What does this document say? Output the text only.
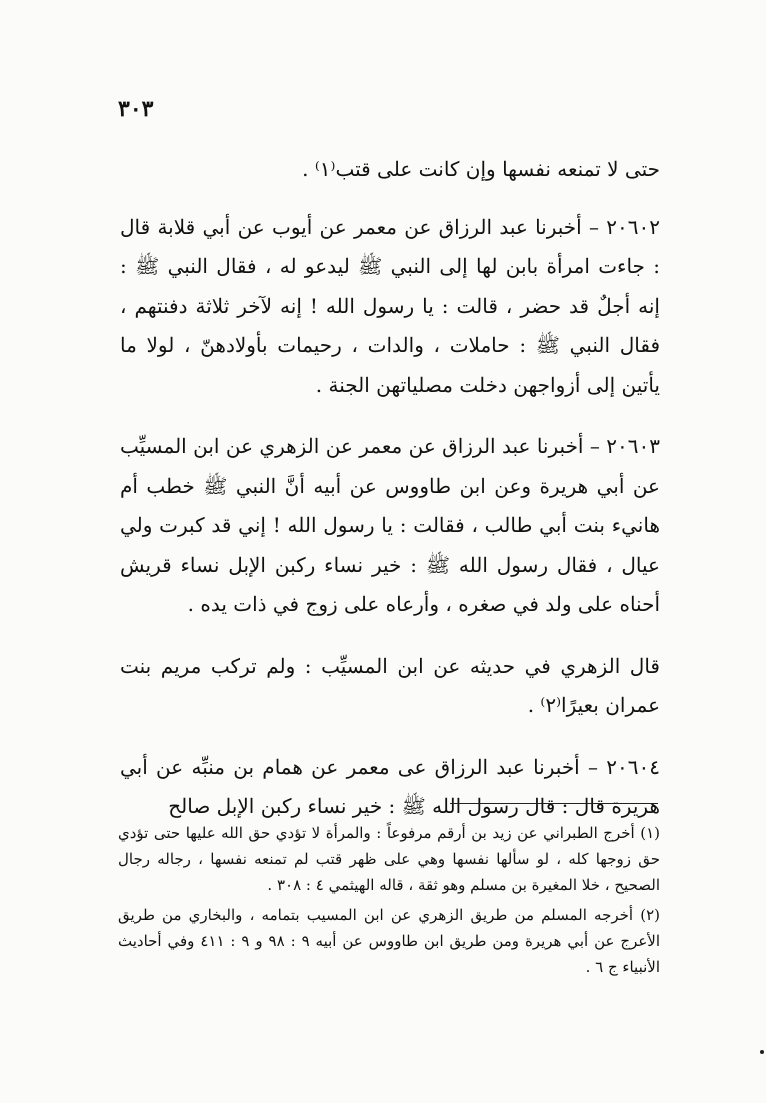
٣٠٣

حتى لا تمنعه نفسها وإن كانت على قتب⁽١⁾ .

٢٠٦٠٢ – أخبرنا عبد الرزاق عن معمر عن أيوب عن أبي قلابة قال : جاءت امرأة بابن لها إلى النبي ﷺ ليدعو له ، فقال النبي ﷺ : إنه أجلٌ قد حضر ، قالت : يا رسول الله ! إنه لآخر ثلاثة دفنتهم ، فقال النبي ﷺ : حاملات ، والدات ، رحيمات بأولادهنّ ، لولا ما يأتين إلى أزواجهن دخلت مصلياتهن الجنة .

٢٠٦٠٣ – أخبرنا عبد الرزاق عن معمر عن الزهري عن ابن المسيِّب عن أبي هريرة وعن ابن طاووس عن أبيه أنَّ النبي ﷺ خطب أم هانيء بنت أبي طالب ، فقالت : يا رسول الله ! إني قد كبرت ولي عيال ، فقال رسول الله ﷺ : خير نساء ركبن الإبل نساء قريش أحناه على ولد في صغره ، وأرعاه على زوج في ذات يده .

قال الزهري في حديثه عن ابن المسيِّب : ولم تركب مريم بنت عمران بعيرًا⁽٢⁾ .

٢٠٦٠٤ – أخبرنا عبد الرزاق عى معمر عن همام بن منبِّه عن أبي هريرة قال : قال رسول الله ﷺ : خير نساء ركبن الإبل صالح

(١) أخرج الطبراني عن زيد بن أرقم مرفوعاً : والمرأة لا تؤدي حق الله عليها حتى تؤدي حق زوجها كله ، لو سألها نفسها وهي على ظهر قتب لم تمنعه نفسها ، رجاله رجال الصحيح ، خلا المغيرة بن مسلم وهو ثقة ، قاله الهيثمي ٤ : ٣٠٨ .

(٢) أخرجه المسلم من طريق الزهري عن ابن المسيب بتمامه ، والبخاري من طريق الأعرج عن أبي هريرة ومن طريق ابن طاووس عن أبيه ٩ : ٩٨ و ٩ : ٤١١ وفي أحاديث الأنبياء ج ٦ .
